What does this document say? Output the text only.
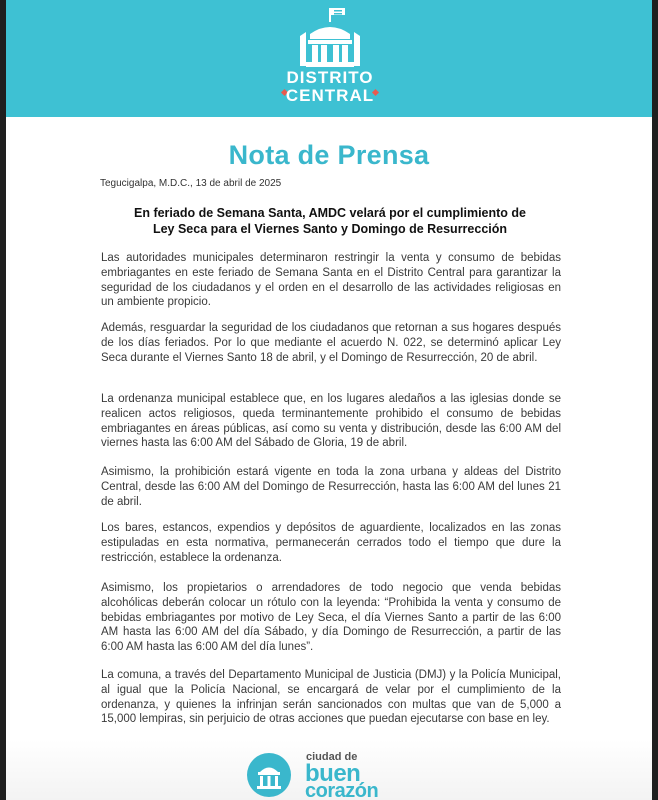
DISTRITO
CENTRAL
Nota de Prensa
Tegucigalpa, M.D.C., 13 de abril de 2025
En feriado de Semana Santa, AMDC velará por el cumplimiento de
Ley Seca para el Viernes Santo y Domingo de Resurrección

Las autoridades municipales determinaron restringir la venta y consumo de bebidas embriagantes en este feriado de Semana Santa en el Distrito Central para garantizar la seguridad de los ciudadanos y el orden en el desarrollo de las actividades religiosas en un ambiente propicio.

Además, resguardar la seguridad de los ciudadanos que retornan a sus hogares después de los días feriados. Por lo que mediante el acuerdo N. 022, se determinó aplicar Ley Seca durante el Viernes Santo 18 de abril, y el Domingo de Resurrección, 20 de abril.

La ordenanza municipal establece que, en los lugares aledaños a las iglesias donde se realicen actos religiosos, queda terminantemente prohibido el consumo de bebidas embriagantes en áreas públicas, así como su venta y distribución, desde las 6:00 AM del viernes hasta las 6:00 AM del Sábado de Gloria, 19 de abril.

Asimismo, la prohibición estará vigente en toda la zona urbana y aldeas del Distrito Central, desde las 6:00 AM del Domingo de Resurrección, hasta las 6:00 AM del lunes 21 de abril.

Los bares, estancos, expendios y depósitos de aguardiente, localizados en las zonas estipuladas en esta normativa, permanecerán cerrados todo el tiempo que dure la restricción, establece la ordenanza.

Asimismo, los propietarios o arrendadores de todo negocio que venda bebidas alcohólicas deberán colocar un rótulo con la leyenda: “Prohibida la venta y consumo de bebidas embriagantes por motivo de Ley Seca, el día Viernes Santo a partir de las 6:00 AM hasta las 6:00 AM del día Sábado, y día Domingo de Resurrección, a partir de las 6:00 AM hasta las 6:00 AM del día lunes”.

La comuna, a través del Departamento Municipal de Justicia (DMJ) y la Policía Municipal, al igual que la Policía Nacional, se encargará de velar por el cumplimiento de la ordenanza, y quienes la infrinjan serán sancionados con multas que van de 5,000 a 15,000 lempiras, sin perjuicio de otras acciones que puedan ejecutarse con base en ley.

ciudad de
buen
corazón
